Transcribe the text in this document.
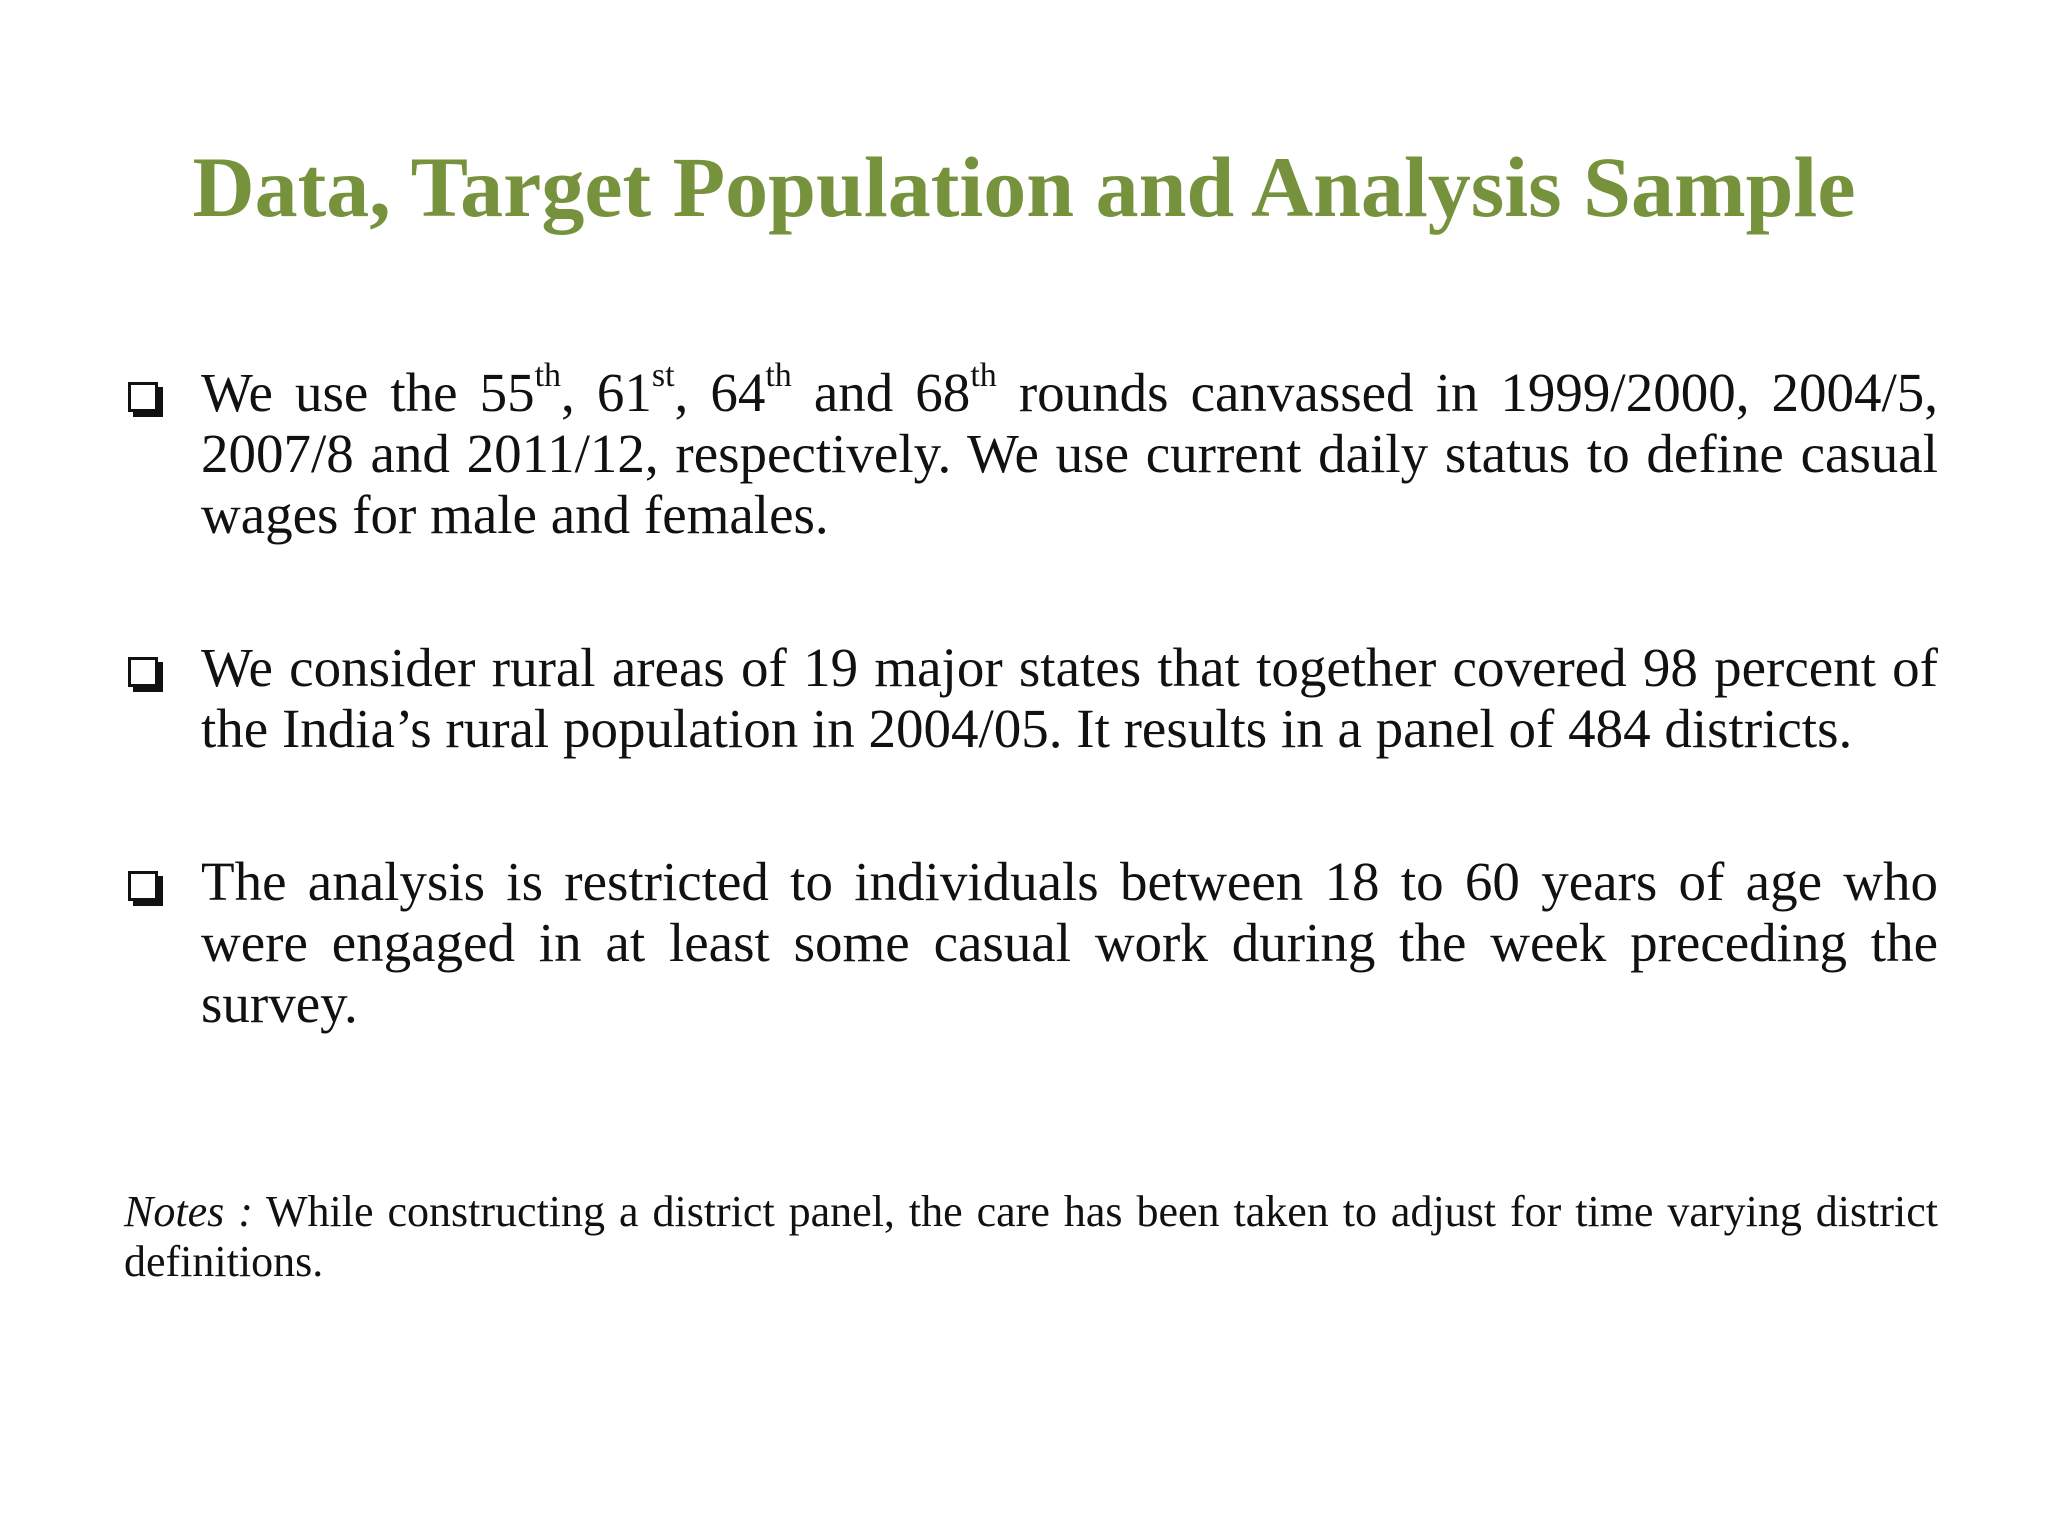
Data, Target Population and Analysis Sample
We use the 55th, 61st, 64th and 68th rounds canvassed in 1999/2000, 2004/5, 2007/8 and 2011/12, respectively. We use current daily status to define casual wages for male and females.
We consider rural areas of 19 major states that together covered 98 percent of the India’s rural population in 2004/05. It results in a panel of 484 districts.
The analysis is restricted to individuals between 18 to 60 years of age who were engaged in at least some casual work during the week preceding the survey.
Notes : While constructing a district panel, the care has been taken to adjust for time varying district definitions.
